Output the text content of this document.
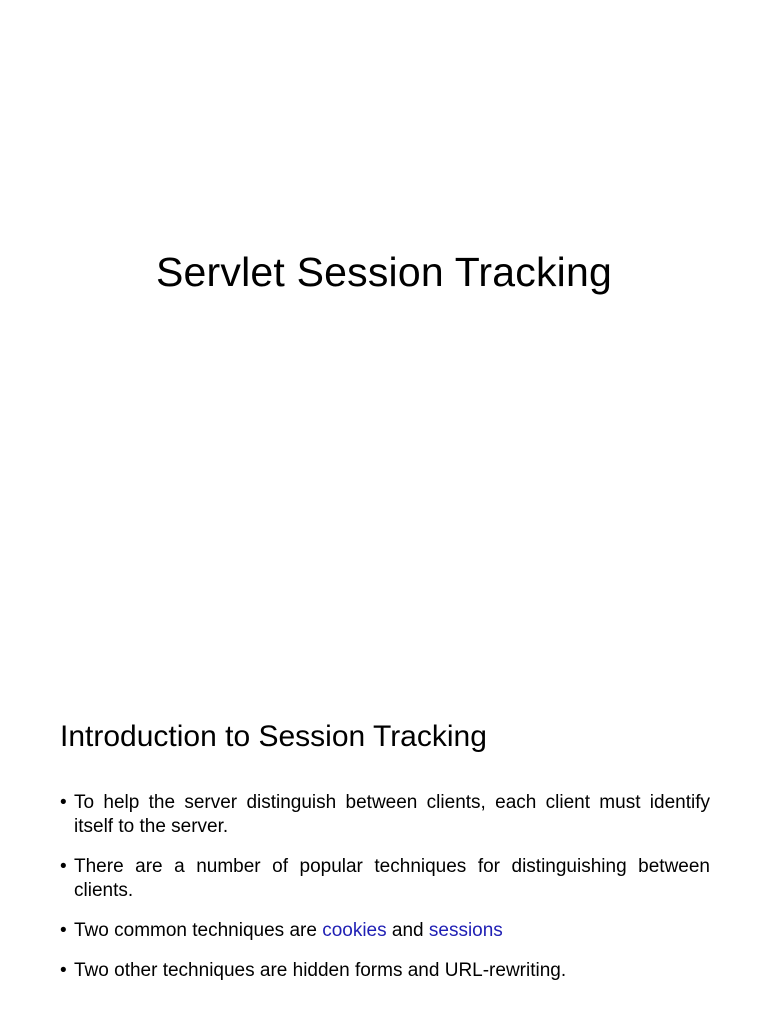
Servlet Session Tracking
Introduction to Session Tracking
• To help the server distinguish between clients, each client must identify itself to the server.
• There are a number of popular techniques for distinguishing between clients.
• Two common techniques are cookies and sessions
• Two other techniques are hidden forms and URL-rewriting.
